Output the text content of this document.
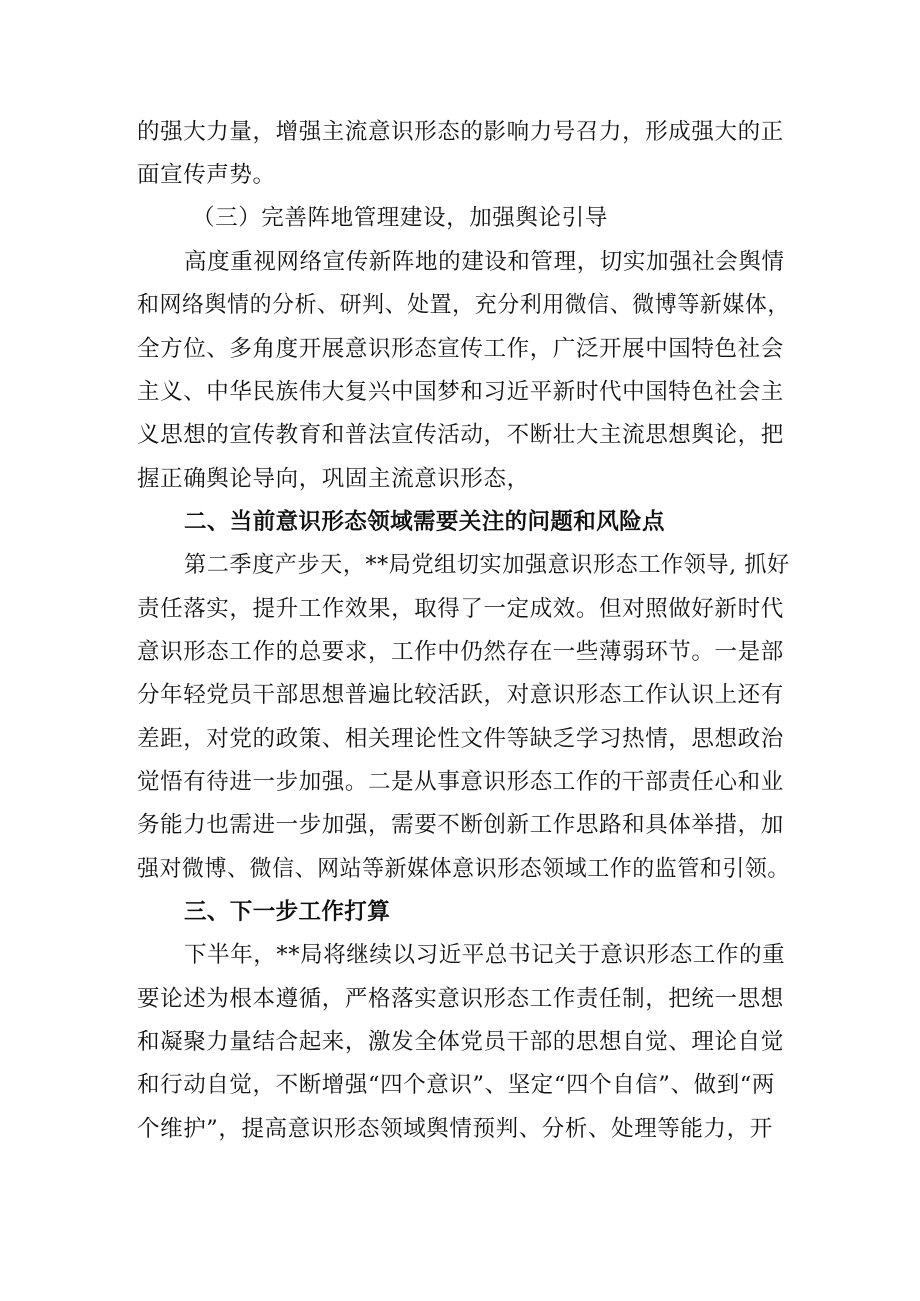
的强大力量，增强主流意识形态的影响力号召力，形成强大的正
面宣传声势。
（三）完善阵地管理建设，加强舆论引导
高度重视网络宣传新阵地的建设和管理，切实加强社会舆情
和网络舆情的分析、研判、处置，充分利用微信、微博等新媒体，
全方位、多角度开展意识形态宣传工作，广泛开展中国特色社会
主义、中华民族伟大复兴中国梦和习近平新时代中国特色社会主
义思想的宣传教育和普法宣传活动，不断壮大主流思想舆论，把
握正确舆论导向，巩固主流意识形态，
二、当前意识形态领域需要关注的问题和风险点
第二季度产步天，**局党组切实加强意识形态工作领导, 抓好
责任落实，提升工作效果，取得了一定成效。但对照做好新时代
意识形态工作的总要求，工作中仍然存在一些薄弱环节。一是部
分年轻党员干部思想普遍比较活跃，对意识形态工作认识上还有
差距，对党的政策、相关理论性文件等缺乏学习热情，思想政治
觉悟有待进一步加强。二是从事意识形态工作的干部责任心和业
务能力也需进一步加强，需要不断创新工作思路和具体举措，加
强对微博、微信、网站等新媒体意识形态领域工作的监管和引领。
三、下一步工作打算
下半年，**局将继续以习近平总书记关于意识形态工作的重
要论述为根本遵循，严格落实意识形态工作责任制，把统一思想
和凝聚力量结合起来，激发全体党员干部的思想自觉、理论自觉
和行动自觉，不断增强“四个意识”、坚定“四个自信”、做到“两
个维护”，提高意识形态领域舆情预判、分析、处理等能力，开
